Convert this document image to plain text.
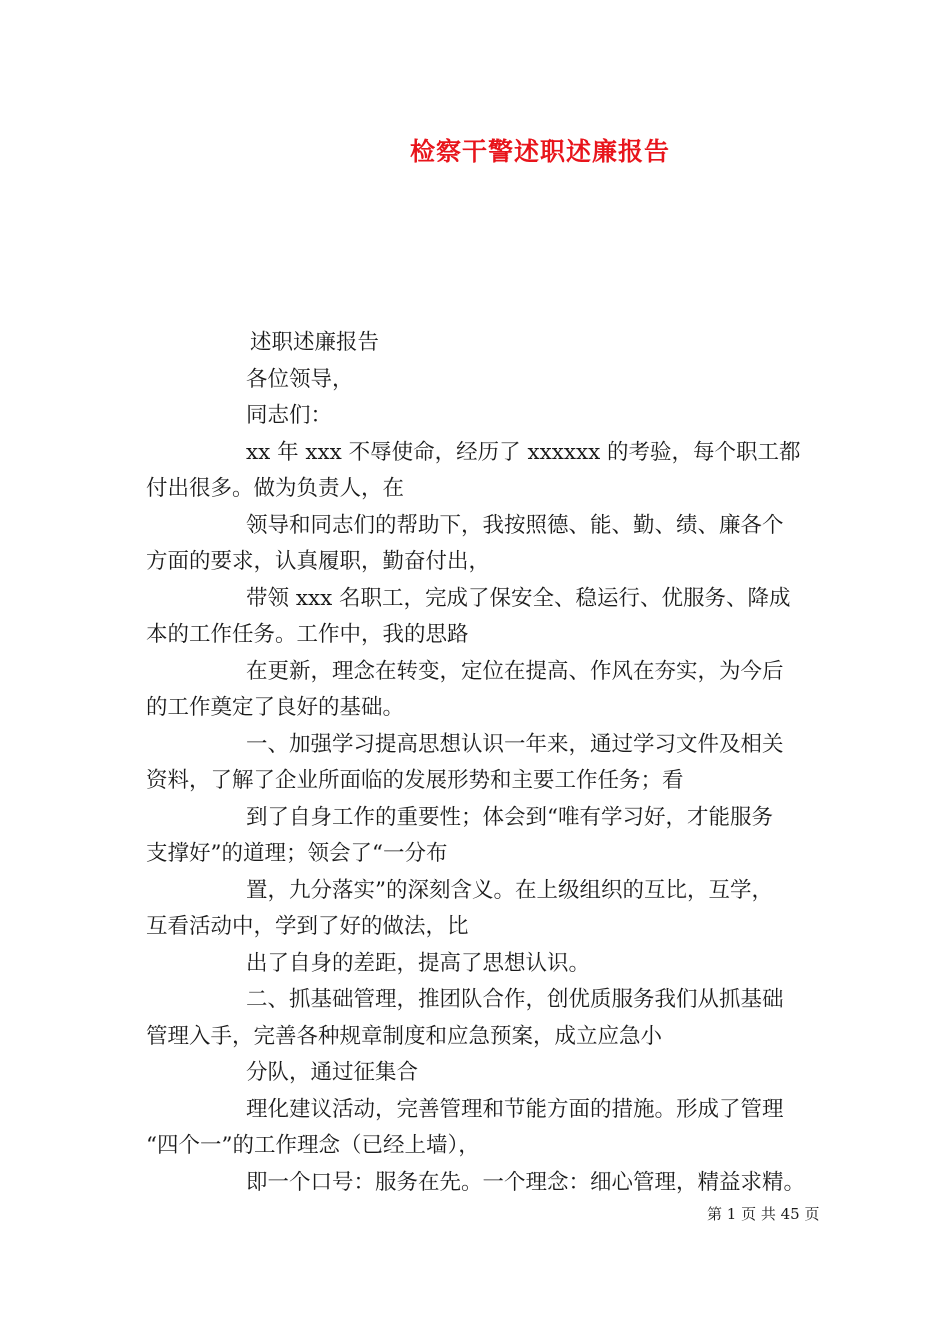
检察干警述职述廉报告

述职述廉报告

各位领导，

同志们：

xx 年 xxx 不辱使命，经历了 xxxxxx 的考验，每个职工都

付出很多。做为负责人，在

领导和同志们的帮助下，我按照德、能、勤、绩、廉各个

方面的要求，认真履职，勤奋付出，

带领 xxx 名职工，完成了保安全、稳运行、优服务、降成

本的工作任务。工作中，我的思路

在更新，理念在转变，定位在提高、作风在夯实，为今后

的工作奠定了良好的基础。

一、加强学习提高思想认识一年来，通过学习文件及相关

资料，了解了企业所面临的发展形势和主要工作任务；看

到了自身工作的重要性；体会到“唯有学习好，才能服务

支撑好”的道理；领会了“一分布

置，九分落实”的深刻含义。在上级组织的互比，互学，

互看活动中，学到了好的做法，比

出了自身的差距，提高了思想认识。

二、抓基础管理，推团队合作，创优质服务我们从抓基础

管理入手，完善各种规章制度和应急预案，成立应急小

分队，通过征集合

理化建议活动，完善管理和节能方面的措施。形成了管理

“四个一”的工作理念（已经上墙），

即一个口号：服务在先。一个理念：细心管理，精益求精。

第 1 页 共 45 页
